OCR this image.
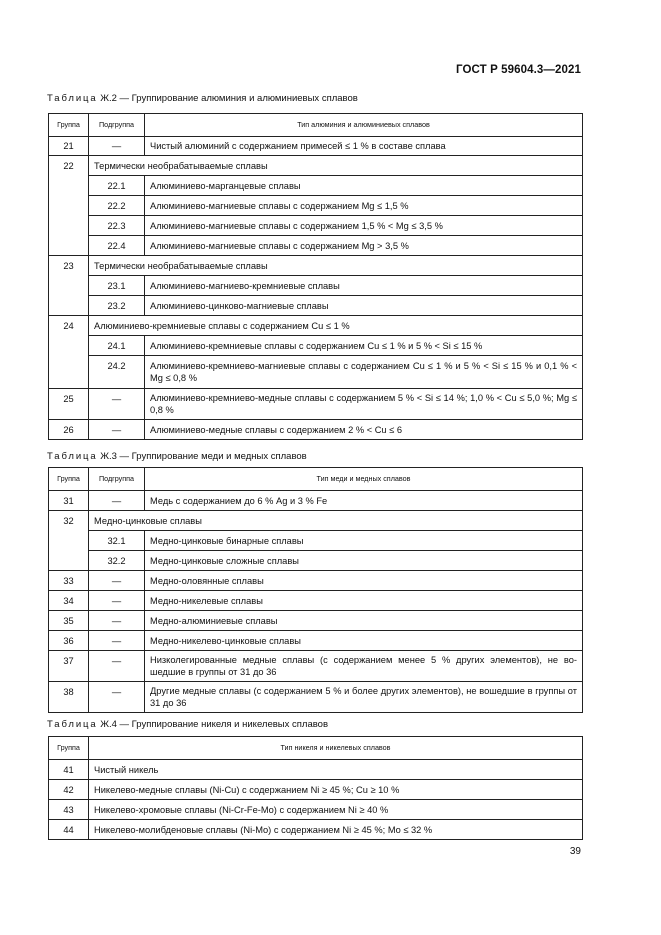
ГОСТ Р 59604.3—2021
Таблица Ж.2 — Группирование алюминия и алюминиевых сплавов
Группа	Подгруппа	Тип алюминия и алюминиевых сплавов
21	—	Чистый алюминий с содержанием примесей ≤ 1 % в составе сплава
22	Термически необрабатываемые сплавы	
	22.1	Алюминиево-марганцевые сплавы
	22.2	Алюминиево-магниевые сплавы с содержанием Mg ≤ 1,5 %
	22.3	Алюминиево-магниевые сплавы с содержанием 1,5 % < Mg ≤ 3,5 %
	22.4	Алюминиево-магниевые сплавы с содержанием Mg > 3,5 %
23	Термически необрабатываемые сплавы	
	23.1	Алюминиево-магниево-кремниевые сплавы
	23.2	Алюминиево-цинково-магниевые сплавы
24	Алюминиево-кремниевые сплавы с содержанием Cu ≤ 1 %	
	24.1	Алюминиево-кремниевые сплавы с содержанием Cu ≤ 1 % и 5 % < Si ≤ 15 %
	24.2	Алюминиево-кремниево-магниевые сплавы с содержанием Cu ≤ 1 % и 5 % < Si ≤ 15 % и 0,1 % < Mg ≤ 0,8 %
25	—	Алюминиево-кремниево-медные сплавы с содержанием 5 % < Si ≤ 14 %; 1,0 % < Cu ≤ 5,0 %; Mg ≤ 0,8 %
26	—	Алюминиево-медные сплавы с содержанием 2 % < Cu ≤ 6
Таблица Ж.3 — Группирование меди и медных сплавов
Группа	Подгруппа	Тип меди и медных сплавов
31	—	Медь с содержанием до 6 % Ag и 3 % Fe
32	Медно-цинковые сплавы	
	32.1	Медно-цинковые бинарные сплавы
	32.2	Медно-цинковые сложные сплавы
33	—	Медно-оловянные сплавы
34	—	Медно-никелевые сплавы
35	—	Медно-алюминиевые сплавы
36	—	Медно-никелево-цинковые сплавы
37	—	Низколегированные медные сплавы (с содержанием менее 5 % других элементов), не во-шедшие в группы от 31 до 36
38	—	Другие медные сплавы (с содержанием 5 % и более других элементов), не вошедшие в группы от 31 до 36
Таблица Ж.4 — Группирование никеля и никелевых сплавов
Группа	Тип никеля и никелевых сплавов
41	Чистый никель
42	Никелево-медные сплавы (Ni-Cu) с содержанием Ni ≥ 45 %; Cu ≥ 10 %
43	Никелево-хромовые сплавы (Ni-Cr-Fe-Mo) с содержанием Ni ≥ 40 %
44	Никелево-молибденовые сплавы (Ni-Mo) с содержанием Ni ≥ 45 %; Mo ≤ 32 %
39
